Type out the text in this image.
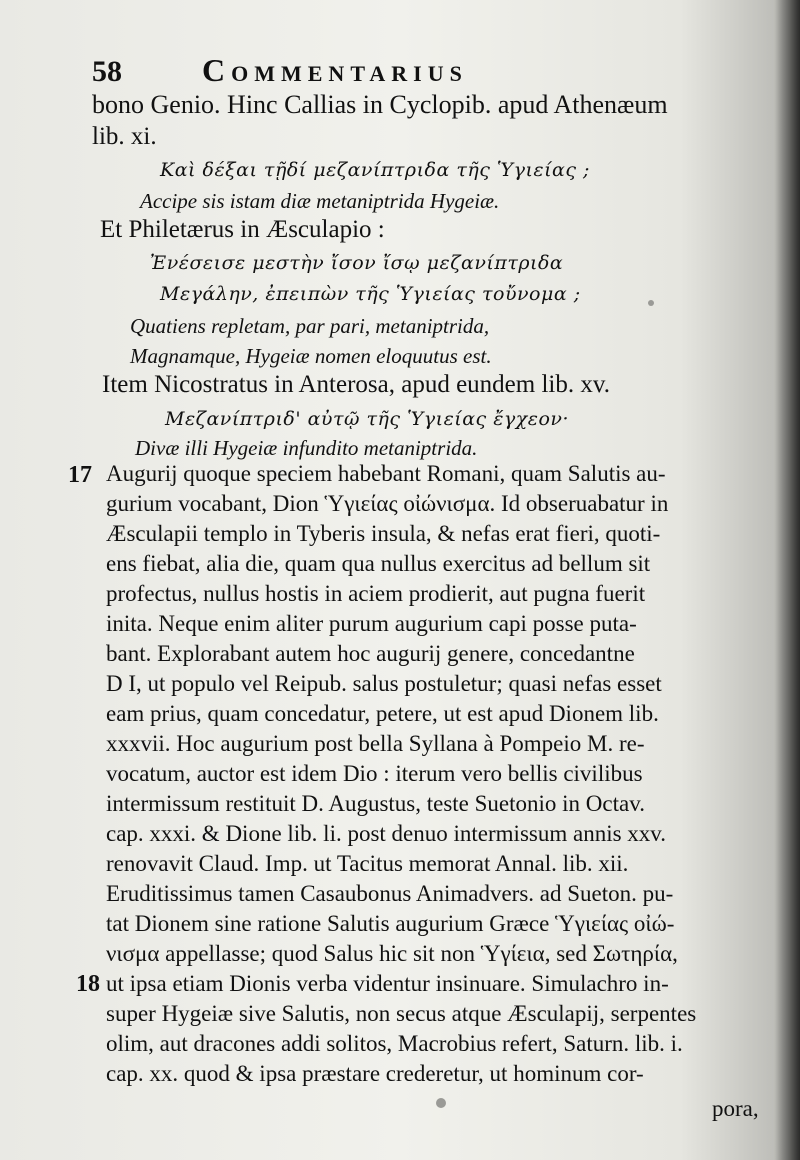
58	Commentarius
bono Genio. Hinc Callias in Cyclopib. apud Athenæum
lib. xi.
Καὶ δέξαι τῇδί μεζανίπτριδα τῆς Ὑγιείας ;
Accipe sis istam diæ metaniptrida Hygeiæ.
Et Philetærus in Æsculapio :
Ἐνέσεισε μεστὴν ἴσον ἴσῳ μεζανίπτριδα
Μεγάλην, ἐπειπὼν τῆς Ὑγιείας τοὔνομα ;
Quatiens repletam, par pari, metaniptrida,
Magnamque, Hygeiæ nomen eloquutus est.
Item Nicostratus in Anterosa, apud eundem lib. xv.
Μεζανίπτριδ' αὐτῷ τῆς Ὑγιείας ἔγχεον·
Divæ illi Hygeiæ infundito metaniptrida.
17 Augurij quoque speciem habebant Romani, quam Salutis au-
gurium vocabant, Dion Ὑγιείας οἰώνισμα. Id obseruabatur in
Æsculapii templo in Tyberis insula, & nefas erat fieri, quoti-
ens fiebat, alia die, quam qua nullus exercitus ad bellum sit
profectus, nullus hostis in aciem prodierit, aut pugna fuerit
inita. Neque enim aliter purum augurium capi posse puta-
bant. Explorabant autem hoc augurij genere, concedantne
D I, ut populo vel Reipub. salus postuletur; quasi nefas esset
eam prius, quam concedatur, petere, ut est apud Dionem lib.
xxxvii. Hoc augurium post bella Syllana à Pompeio M. re-
vocatum, auctor est idem Dio : iterum vero bellis civilibus
intermissum restituit D. Augustus, teste Suetonio in Octav.
cap. xxxi. & Dione lib. li. post denuo intermissum annis xxv.
renovavit Claud. Imp. ut Tacitus memorat Annal. lib. xii.
Eruditissimus tamen Casaubonus Animadvers. ad Sueton. pu-
tat Dionem sine ratione Salutis augurium Græce Ὑγιείας οἰώ-
νισμα appellasse; quod Salus hic sit non Ὑγίεια, sed Σωτηρία,
18 ut ipsa etiam Dionis verba videntur insinuare. Simulachro in-
super Hygeiæ sive Salutis, non secus atque Æsculapij, serpentes
olim, aut dracones addi solitos, Macrobius refert, Saturn. lib. i.
cap. xx. quod & ipsa præstare crederetur, ut hominum cor-
pora,
